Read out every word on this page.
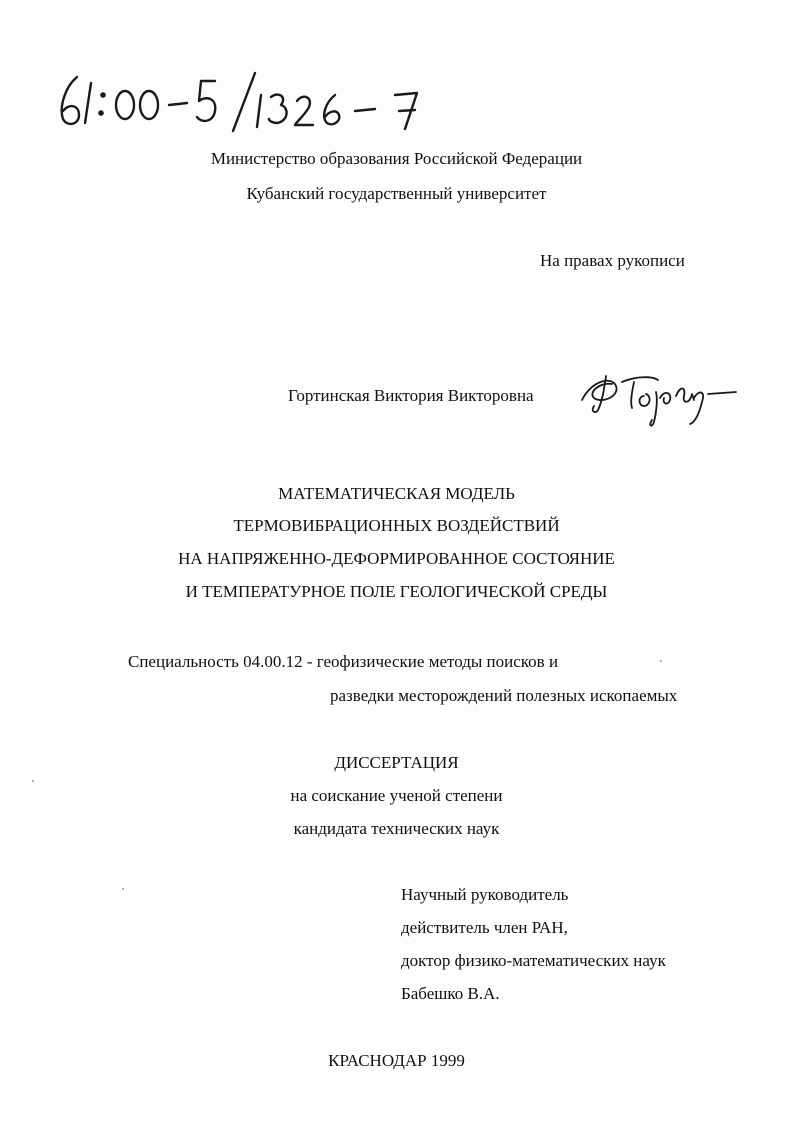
Министерство образования Российской Федерации
Кубанский государственный университет
На правах рукописи
Гортинская Виктория Викторовна
МАТЕМАТИЧЕСКАЯ МОДЕЛЬ
ТЕРМОВИБРАЦИОННЫХ ВОЗДЕЙСТВИЙ
НА НАПРЯЖЕННО-ДЕФОРМИРОВАННОЕ СОСТОЯНИЕ
И ТЕМПЕРАТУРНОЕ ПОЛЕ ГЕОЛОГИЧЕСКОЙ СРЕДЫ
Специальность 04.00.12 - геофизические методы поисков и
разведки месторождений полезных ископаемых
ДИССЕРТАЦИЯ
на соискание ученой степени
кандидата технических наук
Научный руководитель
действитель член РАН,
доктор физико-математических наук
Бабешко В.А.
КРАСНОДАР 1999
